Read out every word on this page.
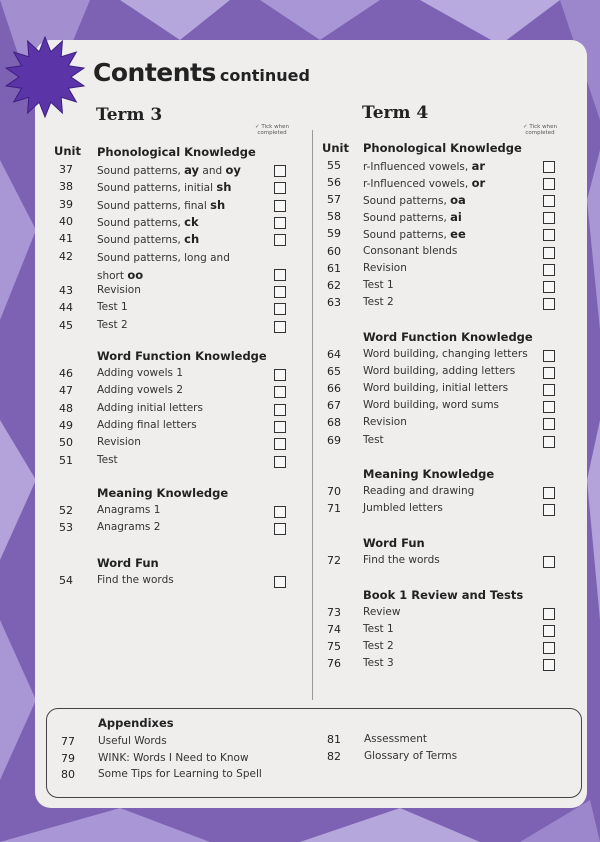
Contents continued
Term 3	Term 4
✓ Tick when completed
✓ Tick when completed
Unit	Unit
Phonological Knowledge
37	Sound patterns, ay and oy
38	Sound patterns, initial sh
39	Sound patterns, final sh
40	Sound patterns, ck
41	Sound patterns, ch
42	Sound patterns, long and
short oo
43	Revision
44	Test 1
45	Test 2
Word Function Knowledge
46	Adding vowels 1
47	Adding vowels 2
48	Adding initial letters
49	Adding final letters
50	Revision
51	Test
Meaning Knowledge
52	Anagrams 1
53	Anagrams 2
Word Fun
54	Find the words
Phonological Knowledge
55	r-Influenced vowels, ar
56	r-Influenced vowels, or
57	Sound patterns, oa
58	Sound patterns, ai
59	Sound patterns, ee
60	Consonant blends
61	Revision
62	Test 1
63	Test 2
Word Function Knowledge
64	Word building, changing letters
65	Word building, adding letters
66	Word building, initial letters
67	Word building, word sums
68	Revision
69	Test
Meaning Knowledge
70	Reading and drawing
71	Jumbled letters
Word Fun
72	Find the words
Book 1 Review and Tests
73	Review
74	Test 1
75	Test 2
76	Test 3
Appendixes
77	Useful Words
79	WINK: Words I Need to Know
80	Some Tips for Learning to Spell
81	Assessment
82	Glossary of Terms
